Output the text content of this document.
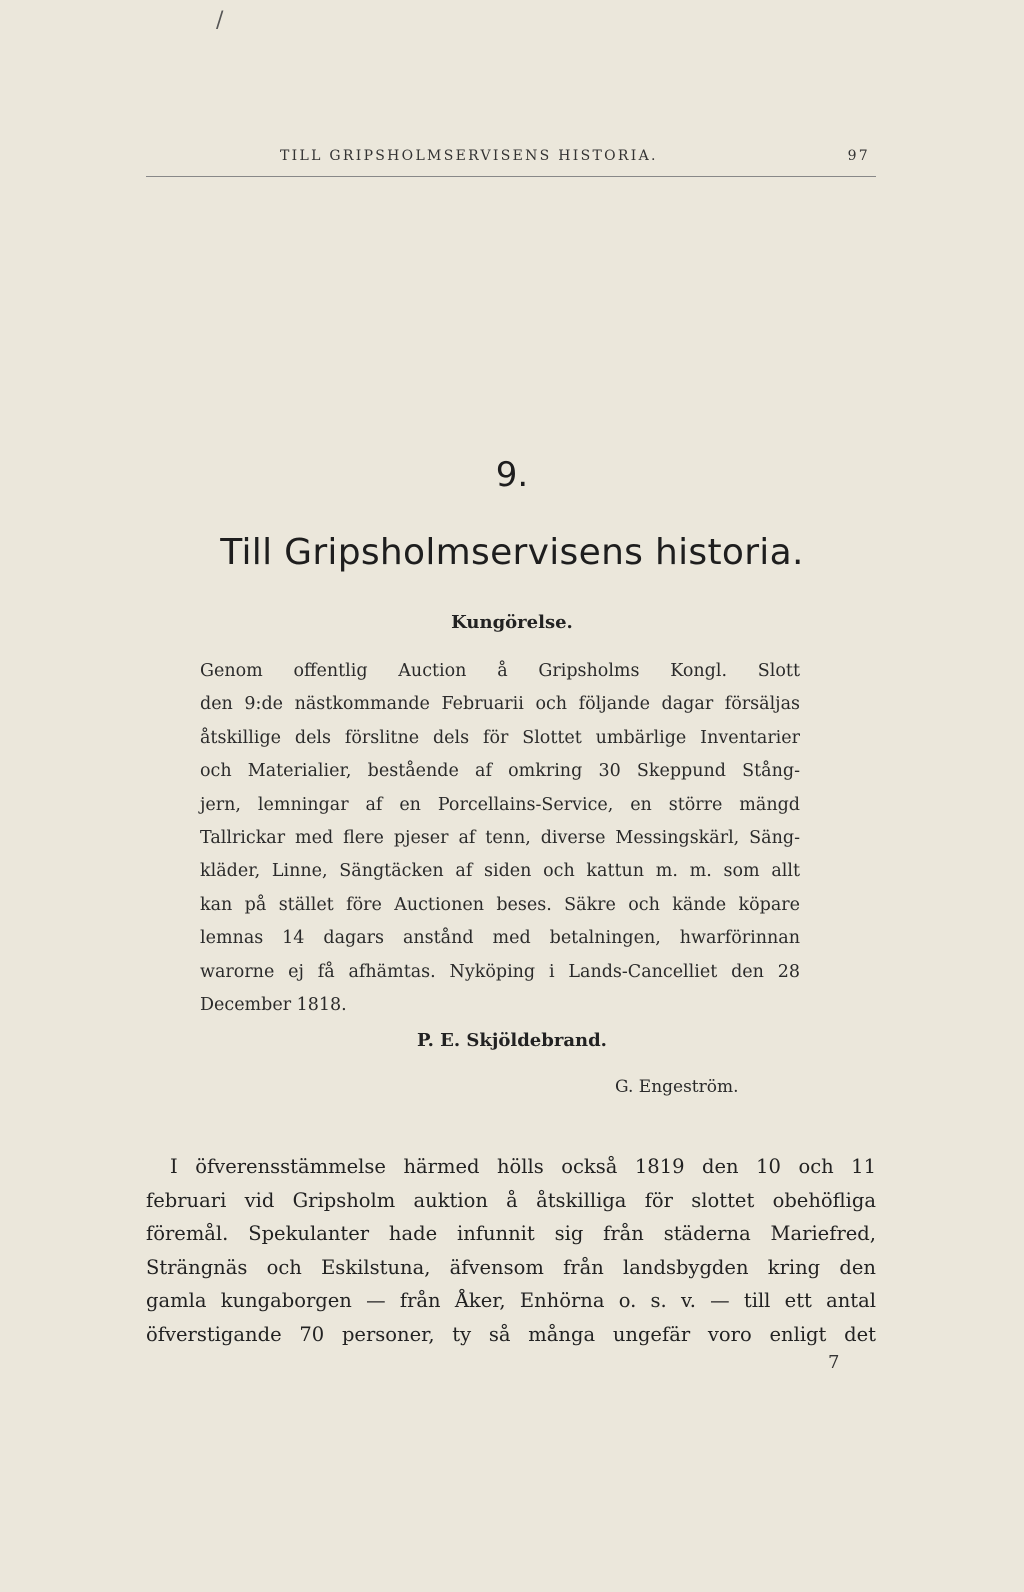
/
TILL GRIPSHOLMSERVISENS HISTORIA.	97
9.
Till Gripsholmservisens historia.
Kungörelse.
Genom offentlig Auction å Gripsholms Kongl. Slott
den 9:de nästkommande Februarii och följande dagar försäljas
åtskillige dels förslitne dels för Slottet umbärlige Inventarier
och Materialier, bestående af omkring 30 Skeppund Stång-
jern, lemningar af en Porcellains-Service, en större mängd
Tallrickar med flere pjeser af tenn, diverse Messingskärl, Säng-
kläder, Linne, Sängtäcken af siden och kattun m. m. som allt
kan på stället före Auctionen beses. Säkre och kände köpare
lemnas 14 dagars anstånd med betalningen, hwarförinnan
warorne ej få afhämtas. Nyköping i Lands-Cancelliet den 28
December 1818.
P. E. Skjöldebrand.
G. Engeström.
I öfverensstämmelse härmed hölls också 1819 den 10 och 11
februari vid Gripsholm auktion å åtskilliga för slottet obehöfliga
föremål. Spekulanter hade infunnit sig från städerna Mariefred,
Strängnäs och Eskilstuna, äfvensom från landsbygden kring den
gamla kungaborgen — från Åker, Enhörna o. s. v. — till ett antal
öfverstigande 70 personer, ty så många ungefär voro enligt det
7
